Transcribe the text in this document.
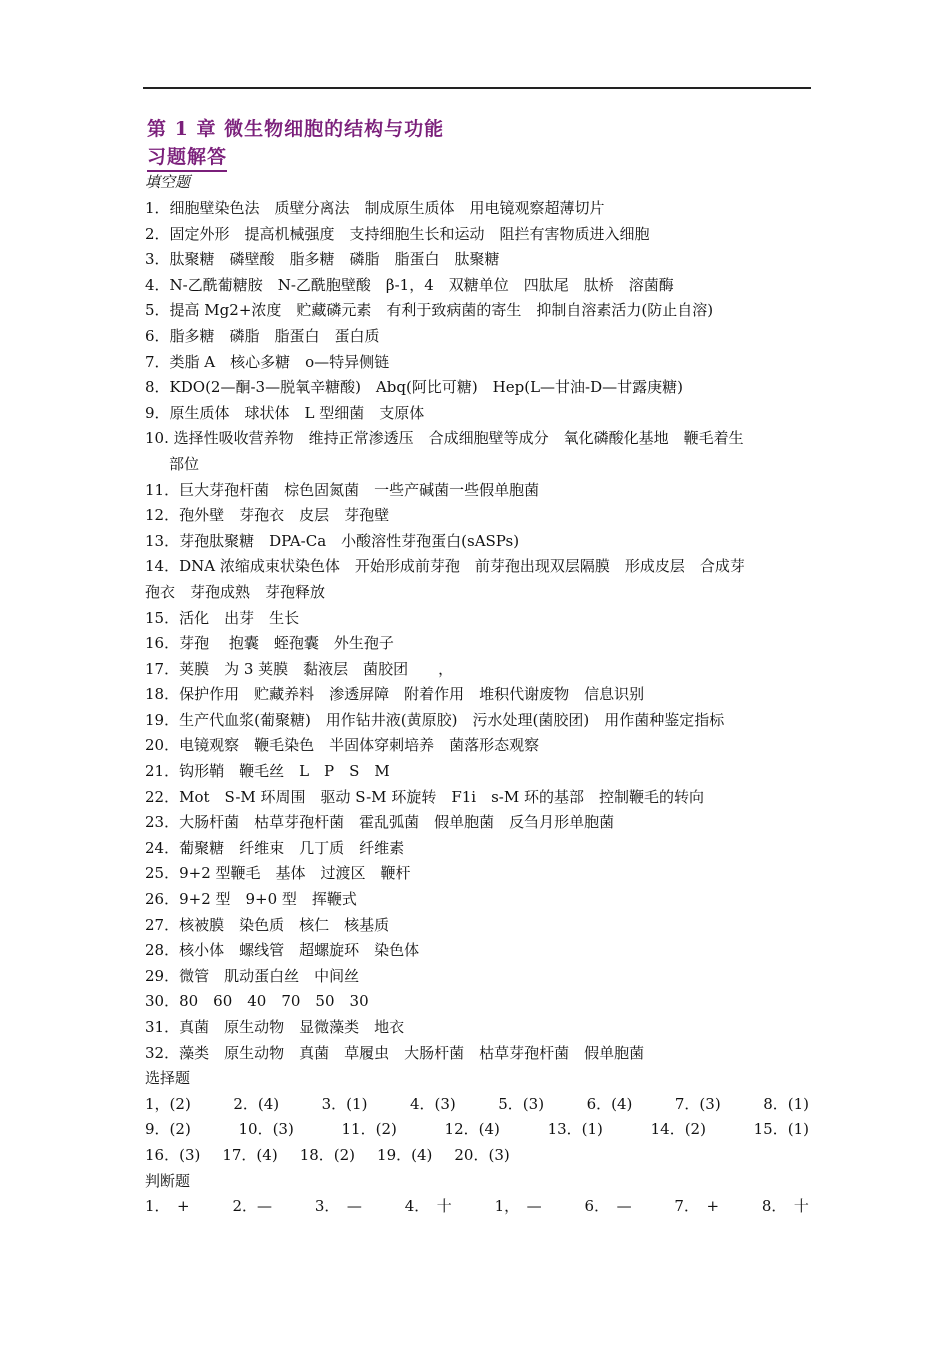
第 1 章 微生物细胞的结构与功能
习题解答
填空题
1．细胞壁染色法　质壁分离法　制成原生质体　用电镜观察超薄切片
2．固定外形　提高机械强度　支持细胞生长和运动　阻拦有害物质进入细胞
3．肽聚糖　磷壁酸　脂多糖　磷脂　脂蛋白　肽聚糖
4．N-乙酰葡糖胺　N-乙酰胞壁酸　β-1，4　双糖单位　四肽尾　肽桥　溶菌酶
5．提高 Mg2+浓度　贮藏磷元素　有利于致病菌的寄生　抑制自溶素活力(防止自溶)
6．脂多糖　磷脂　脂蛋白　蛋白质
7．类脂 A　核心多糖　o—特异侧链
8．KDO(2—酮-3—脱氧辛糖酸)　Abq(阿比可糖)　Hep(L—甘油-D—甘露庚糖)
9．原生质体　球状体　L 型细菌　支原体
10. 选择性吸收营养物　维持正常渗透压　合成细胞壁等成分　氧化磷酸化基地　鞭毛着生
部位
11．巨大芽孢杆菌　棕色固氮菌　一些产碱菌一些假单胞菌
12．孢外壁　芽孢衣　皮层　芽孢壁
13．芽孢肽聚糖　DPA-Ca　小酸溶性芽孢蛋白(sASPs)
14．DNA 浓缩成束状染色体　开始形成前芽孢　前芽孢出现双层隔膜　形成皮层　合成芽
孢衣　芽孢成熟　芽孢释放
15．活化　出芽　生长
16．芽孢　 抱囊　蛭孢囊　外生孢子
17．荚膜　为 3 荚膜　黏液层　菌胶团　　，
18．保护作用　贮藏养料　渗透屏障　附着作用　堆积代谢废物　信息识别
19．生产代血浆(葡聚糖)　用作钻井液(黄原胶)　污水处理(菌胶团)　用作菌种鉴定指标
20．电镜观察　鞭毛染色　半固体穿刺培养　菌落形态观察
21．钩形鞘　鞭毛丝　L　P　S　M
22．Mot　S-M 环周围　驱动 S-M 环旋转　F1i　s-M 环的基部　控制鞭毛的转向
23．大肠杆菌　枯草芽孢杆菌　霍乱弧菌　假单胞菌　反刍月形单胞菌
24．葡聚糖　纤维束　几丁质　纤维素
25．9+2 型鞭毛　基体　过渡区　鞭杆
26．9+2 型　9+0 型　挥鞭式
27．核被膜　染色质　核仁　核基质
28．核小体　螺线管　超螺旋环　染色体
29．微管　肌动蛋白丝　中间丝
30．80　60　40　70　50　30
31．真菌　原生动物　显微藻类　地衣
32．藻类　原生动物　真菌　草履虫　大肠杆菌　枯草芽孢杆菌　假单胞菌
选择题
1，(2)	2．(4)	3．(1)	4．(3)	5．(3)	6．(4)	7．(3)	8．(1)
9．(2)	10．(3)	11．(2)	12．(4)	13．(1)	14．(2)	15．(1)
16．(3) 17．(4) 18．(2) 19．(4) 20．(3)
判断题
1．　+	2．—	3．　—	4．　十	1，　—	6．　—	7．　+	8．　十
